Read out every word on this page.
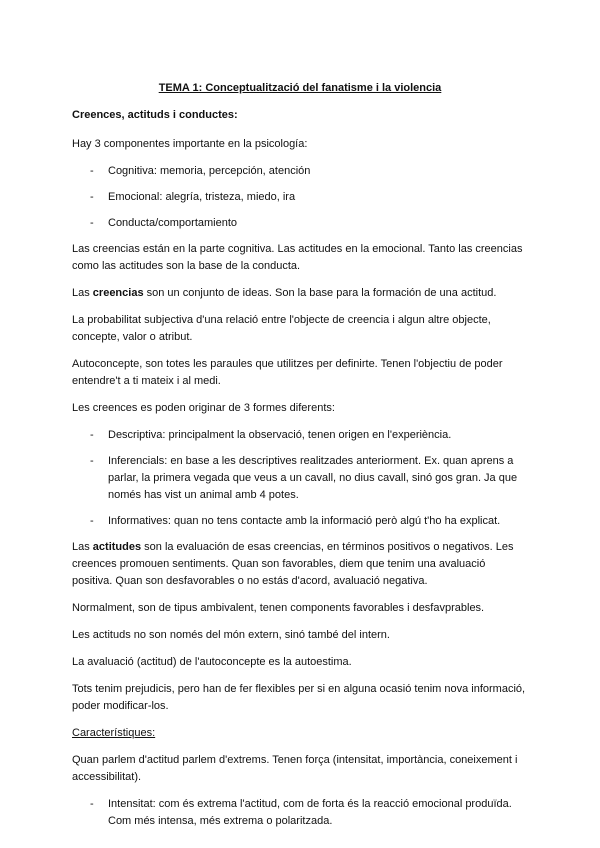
TEMA 1: Conceptualització del fanatisme i la violencia
Creences, actituds i conductes:

Hay 3 componentes importante en la psicología:

- Cognitiva: memoria, percepción, atención
- Emocional: alegría, tristeza, miedo, ira
- Conducta/comportamiento

Las creencias están en la parte cognitiva. Las actitudes en la emocional. Tanto las creencias como las actitudes son la base de la conducta.

Las creencias son un conjunto de ideas. Son la base para la formación de una actitud.

La probabilitat subjectiva d'una relació entre l'objecte de creencia i algun altre objecte, concepte, valor o atribut.

Autoconcepte, son totes les paraules que utilitzes per definirte. Tenen l'objectiu de poder entendre't a ti mateix i al medi.

Les creences es poden originar de 3 formes diferents:

- Descriptiva: principalment la observació, tenen origen en l'experiència.
- Inferencials: en base a les descriptives realitzades anteriorment. Ex. quan aprens a parlar, la primera vegada que veus a un cavall, no dius cavall, sinó gos gran. Ja que només has vist un animal amb 4 potes.
- Informatives: quan no tens contacte amb la informació però algú t'ho ha explicat.

Las actitudes son la evaluación de esas creencias, en términos positivos o negativos. Les creences promouen sentiments. Quan son favorables, diem que tenim una avaluació positiva. Quan son desfavorables o no estás d'acord, avaluació negativa.

Normalment, son de tipus ambivalent, tenen components favorables i desfavprables.

Les actituds no son només del món extern, sinó també del intern.

La avaluació (actitud) de l'autoconcepte es la autoestima.

Tots tenim prejudicis, pero han de fer flexibles per si en alguna ocasió tenim nova informació, poder modificar-los.

Característiques:

Quan parlem d'actitud parlem d'extrems. Tenen força (intensitat, importància, coneixement i accessibilitat).

- Intensitat: com és extrema l'actitud, com de forta és la reacció emocional produïda. Com més intensa, més extrema o polaritzada.
